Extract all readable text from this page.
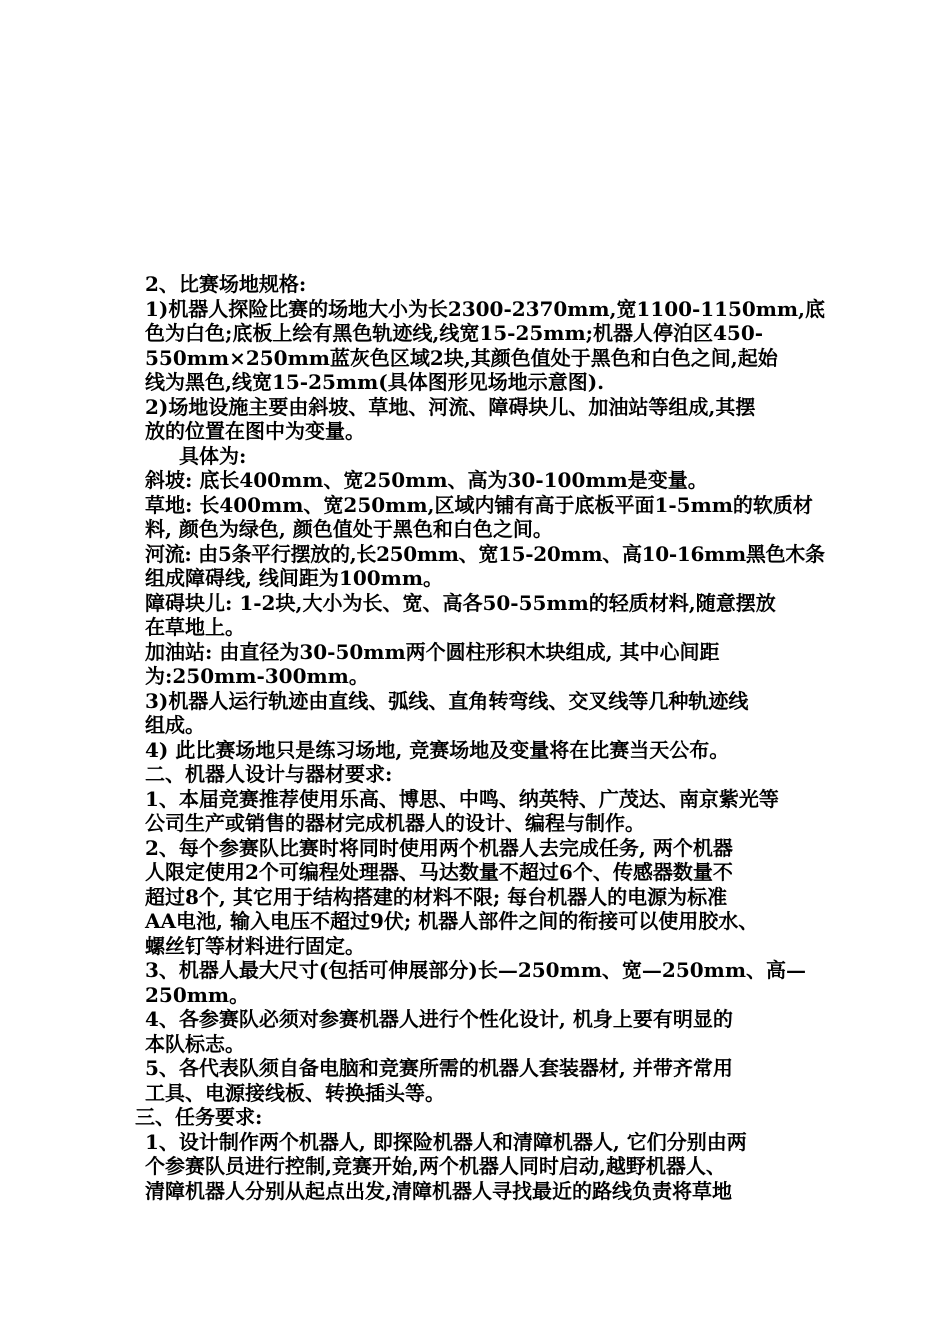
2、比赛场地规格:
1)机器人探险比赛的场地大小为长2300-2370mm,宽1100-1150mm,底
色为白色;底板上绘有黑色轨迹线,线宽15-25mm;机器人停泊区450-
550mm×250mm蓝灰色区域2块,其颜色值处于黑色和白色之间,起始
线为黑色,线宽15-25mm(具体图形见场地示意图).
2)场地设施主要由斜坡、草地、河流、障碍块儿、加油站等组成,其摆
放的位置在图中为变量。
具体为:
斜坡: 底长400mm、宽250mm、高为30-100mm是变量。
草地: 长400mm、宽250mm,区域内铺有高于底板平面1-5mm的软质材
料, 颜色为绿色, 颜色值处于黑色和白色之间。
河流: 由5条平行摆放的,长250mm、宽15-20mm、高10-16mm黑色木条
组成障碍线, 线间距为100mm。
障碍块儿: 1-2块,大小为长、宽、高各50-55mm的轻质材料,随意摆放
在草地上。
加油站: 由直径为30-50mm两个圆柱形积木块组成, 其中心间距
为:250mm-300mm。
3)机器人运行轨迹由直线、弧线、直角转弯线、交叉线等几种轨迹线
组成。
4) 此比赛场地只是练习场地, 竞赛场地及变量将在比赛当天公布。
二、机器人设计与器材要求:
1、本届竞赛推荐使用乐高、博思、中鸣、纳英特、广茂达、南京紫光等
公司生产或销售的器材完成机器人的设计、编程与制作。
2、每个参赛队比赛时将同时使用两个机器人去完成任务, 两个机器
人限定使用2个可编程处理器、马达数量不超过6个、传感器数量不
超过8个, 其它用于结构搭建的材料不限; 每台机器人的电源为标准
AA电池, 输入电压不超过9伏; 机器人部件之间的衔接可以使用胶水、
螺丝钉等材料进行固定。
3、机器人最大尺寸(包括可伸展部分)长—250mm、宽—250mm、高—
250mm。
4、各参赛队必须对参赛机器人进行个性化设计, 机身上要有明显的
本队标志。
5、各代表队须自备电脑和竞赛所需的机器人套装器材, 并带齐常用
工具、电源接线板、转换插头等。
三、任务要求:
1、设计制作两个机器人, 即探险机器人和清障机器人, 它们分别由两
个参赛队员进行控制,竞赛开始,两个机器人同时启动,越野机器人、
清障机器人分别从起点出发,清障机器人寻找最近的路线负责将草地
